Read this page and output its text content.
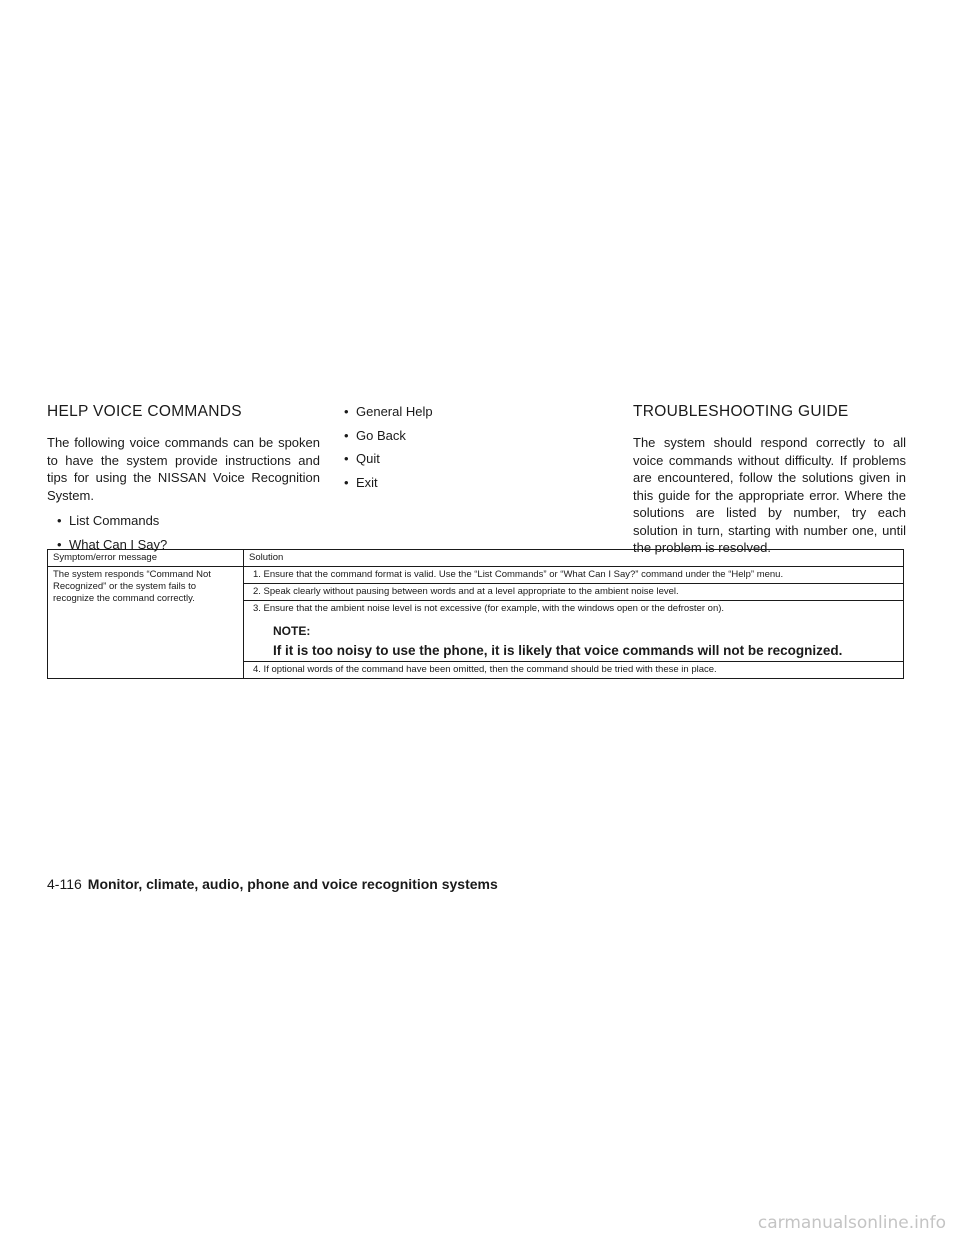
HELP VOICE COMMANDS

The following voice commands can be spoken to have the system provide instructions and tips for using the NISSAN Voice Recognition System.

• List Commands
• What Can I Say?
• General Help
• Go Back
• Quit
• Exit
TROUBLESHOOTING GUIDE

The system should respond correctly to all voice commands without difficulty. If problems are encountered, follow the solutions given in this guide for the appropriate error. Where the solutions are listed by number, try each solution in turn, starting with number one, until the problem is resolved.

Symptom/error message	Solution
The system responds “Command Not Recognized” or the system fails to recognize the command correctly.	1. Ensure that the command format is valid. Use the “List Commands” or “What Can I Say?” command under the “Help” menu.

	2. Speak clearly without pausing between words and at a level appropriate to the ambient noise level.

	3. Ensure that the ambient noise level is not excessive (for example, with the windows open or the defroster on).
NOTE:
If it is too noisy to use the phone, it is likely that voice commands will not be recognized.

	4. If optional words of the command have been omitted, then the command should be tried with these in place.
4-116 Monitor, climate, audio, phone and voice recognition systems
carmanualsonline.info
